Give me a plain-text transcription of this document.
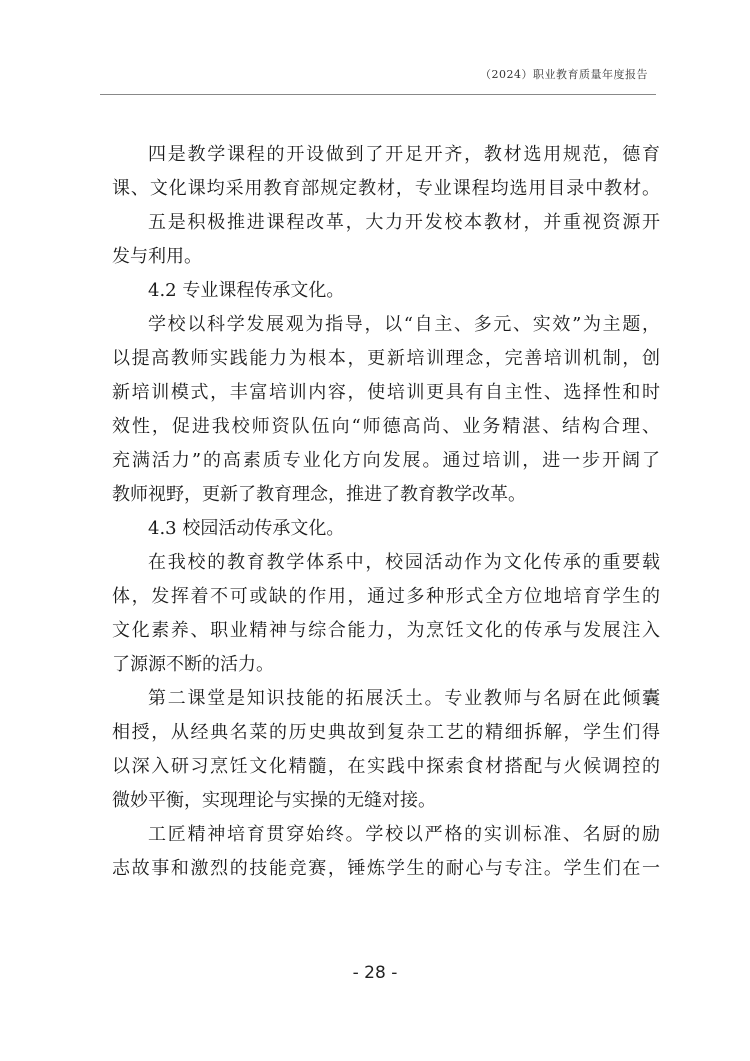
（2024）职业教育质量年度报告
四是教学课程的开设做到了开足开齐，教材选用规范，德育
课、文化课均采用教育部规定教材，专业课程均选用目录中教材。
五是积极推进课程改革，大力开发校本教材，并重视资源开
发与利用。
4.2 专业课程传承文化。
学校以科学发展观为指导，以“自主、多元、实效”为主题，
以提高教师实践能力为根本，更新培训理念，完善培训机制，创
新培训模式，丰富培训内容，使培训更具有自主性、选择性和时
效性，促进我校师资队伍向“师德高尚、业务精湛、结构合理、
充满活力”的高素质专业化方向发展。通过培训，进一步开阔了
教师视野，更新了教育理念，推进了教育教学改革。
4.3 校园活动传承文化。
在我校的教育教学体系中，校园活动作为文化传承的重要载
体，发挥着不可或缺的作用，通过多种形式全方位地培育学生的
文化素养、职业精神与综合能力，为烹饪文化的传承与发展注入
了源源不断的活力。
第二课堂是知识技能的拓展沃土。专业教师与名厨在此倾囊
相授，从经典名菜的历史典故到复杂工艺的精细拆解，学生们得
以深入研习烹饪文化精髓，在实践中探索食材搭配与火候调控的
微妙平衡，实现理论与实操的无缝对接。
工匠精神培育贯穿始终。学校以严格的实训标准、名厨的励
志故事和激烈的技能竞赛，锤炼学生的耐心与专注。学生们在一
- 28 -
